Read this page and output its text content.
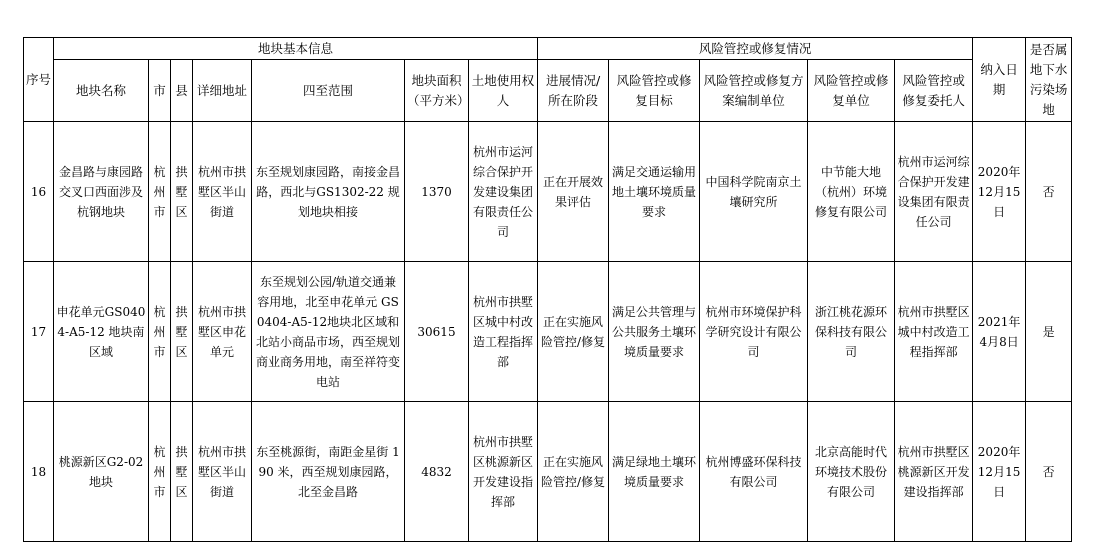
序号	地块基本信息							风险管控或修复情况					纳入日期	是否属地下水污染场地
	地块名称	市	县	详细地址	四至范围	地块面积（平方米）	土地使用权人	进展情况/所在阶段	风险管控或修复目标	风险管控或修复方案编制单位	风险管控或修复单位	风险管控或修复委托人		
16	金昌路与康园路交叉口西面涉及杭钢地块	杭州市	拱墅区	杭州市拱墅区半山街道	东至规划康园路，南接金昌路，西北与GS1302-22 规划地块相接	1370	杭州市运河综合保护开发建设集团有限责任公司	正在开展效果评估	满足交通运输用地土壤环境质量要求	中国科学院南京土壤研究所	中节能大地（杭州）环境修复有限公司	杭州市运河综合保护开发建设集团有限责任公司	2020年12月15日	否
17	申花单元GS0404-A5-12 地块南区域	杭州市	拱墅区	杭州市拱墅区申花单元	东至规划公园/轨道交通兼容用地，北至申花单元 GS0404-A5-12地块北区域和北站小商品市场，西至规划商业商务用地，南至祥符变电站	30615	杭州市拱墅区城中村改造工程指挥部	正在实施风险管控/修复	满足公共管理与公共服务土壤环境质量要求	杭州市环境保护科学研究设计有限公司	浙江桃花源环保科技有限公司	杭州市拱墅区城中村改造工程指挥部	2021年4月8日	是
18	桃源新区G2-02 地块	杭州市	拱墅区	杭州市拱墅区半山街道	东至桃源街，南距金星街 190 米，西至规划康园路，北至金昌路	4832	杭州市拱墅区桃源新区开发建设指挥部	正在实施风险管控/修复	满足绿地土壤环境质量要求	杭州博盛环保科技有限公司	北京高能时代环境技术股份有限公司	杭州市拱墅区桃源新区开发建设指挥部	2020年12月15日	否
